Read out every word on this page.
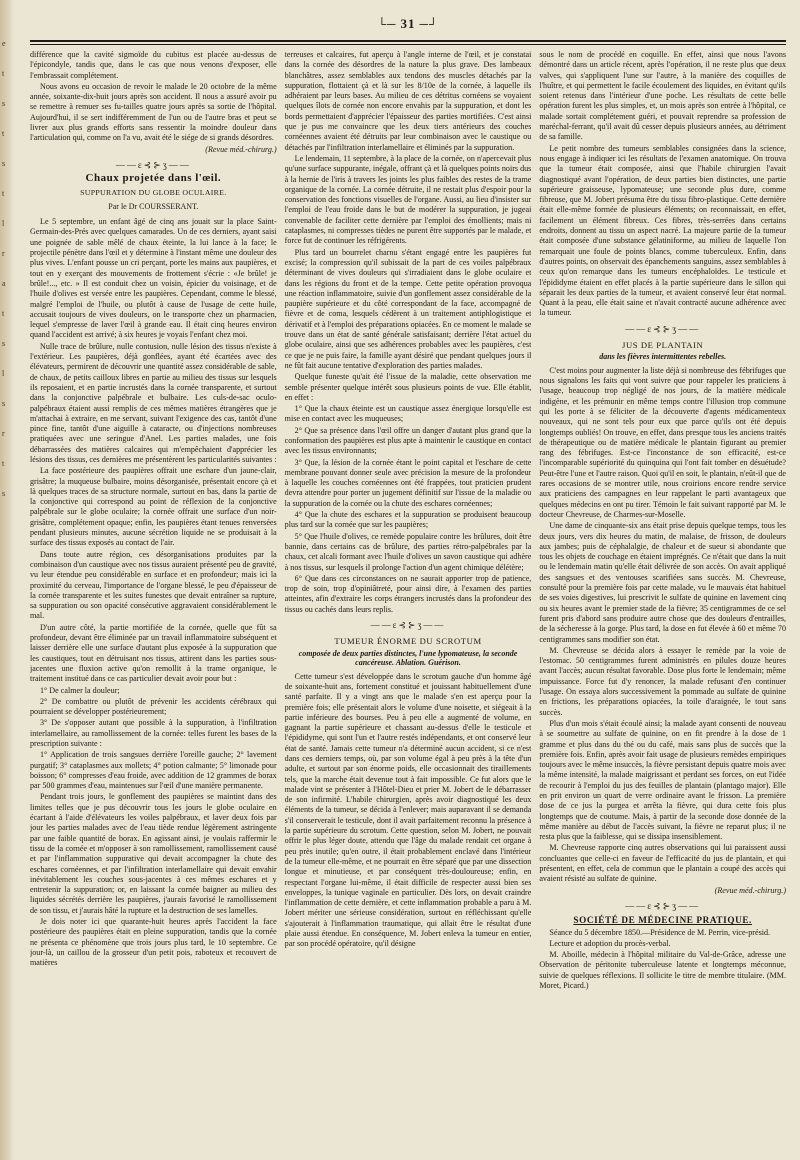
e
t
s
t
s
t
l
r
a
t
s
l
s
r
t
s
└─ 31 ─┘

différence que la cavité sigmoïde du cubitus est placée au-dessus de l'épicondyle, tandis que, dans le cas que nous venons d'exposer, elle l'embrassait complétement.

Nous avons eu occasion de revoir le malade le 20 octobre de la même année, soixante-dix-huit jours après son accident. Il nous a assuré avoir pu se remettre à remuer ses fu-tailles quatre jours après sa sortie de l'hôpital. Aujourd'hui, il se sert indifféremment de l'un ou de l'autre bras et peut se livrer aux plus grands efforts sans ressentir la moindre douleur dans l'articulation qui, comme on l'a vu, avait été le siége de si grands désordres.

(Revue méd.-chirurg.)

——ε⊰⊱ʒ——
Chaux projetée dans l'œil.
SUPPURATION DU GLOBE OCULAIRE.
Par le Dr COURSSERANT.

Le 5 septembre, un enfant âgé de cinq ans jouait sur la place Saint-Germain-des-Prés avec quelques camarades. Un de ces derniers, ayant saisi une poignée de sable mêlé de chaux éteinte, la lui lance à la face; le projectile pénètre dans l'œil et y détermine à l'instant même une douleur des plus vives. L'enfant pousse un cri perçant, porte les mains aux paupières, et tout en y exerçant des mouvements de frottement s'écrie : «Je brûle! je brûle!..., etc. » Il est conduit chez un voisin, épicier du voisinage, et de l'huile d'olives est versée entre les paupières. Cependant, comme le blessé, malgré l'emploi de l'huile, ou plutôt à cause de l'usage de cette huile, accusait toujours de vives douleurs, on le transporte chez un pharmacien, lequel s'empresse de laver l'œil à grande eau. Il était cinq heures environ quand l'accident est arrivé; à six heures je voyais l'enfant chez moi.

Nulle trace de brûlure, nulle contusion, nulle lésion des tissus n'existe à l'extérieur. Les paupières, déjà gonflées, ayant été écartées avec des élévateurs, permirent de découvrir une quantité assez considérable de sable, de chaux, de petits cailloux libres en partie au milieu des tissus sur lesquels ils reposaient, et en partie incrustés dans la cornée transparente, et surtout dans la conjonctive palpébrale et bulbaire. Les culs-de-sac oculo-palpébraux étaient aussi remplis de ces mêmes matières étrangères que je m'attachai à extraire, en me servant, suivant l'exigence des cas, tantôt d'une pince fine, tantôt d'une aiguille à cataracte, ou d'injections nombreuses pratiquées avec une seringue d'Anel. Les parties malades, une fois débarrassées des matières calcaires qui m'empêchaient d'apprécier les lésions des tissus, ces dernières me présentèrent les particularités suivantes :

La face postérieure des paupières offrait une eschare d'un jaune-clair, grisâtre; la muqueuse bulbaire, moins désorganisée, présentait encore çà et là quelques traces de sa structure normale, surtout en bas, dans la partie de la conjonctive qui correspond au point de réflexion de la conjonctive palpébrale sur le globe oculaire; la cornée offrait une surface d'un noir-grisâtre, complétement opaque; enfin, les paupières étant tenues renversées pendant plusieurs minutes, aucune sécrétion liquide ne se produisait à la surface des tissus exposés au contact de l'air.

Dans toute autre région, ces désorganisations produites par la combinaison d'un caustique avec nos tissus auraient présenté peu de gravité, vu leur étendue peu considérable en surface et en profondeur; mais ici la proximité du cerveau, l'importance de l'organe blessé, le peu d'épaisseur de la cornée transparente et les suites funestes que devait entraîner sa rupture, sa suppuration ou son opacité consécutive aggravaient considérablement le mal.

D'un autre côté, la partie mortifiée de la cornée, quelle que fût sa profondeur, devant être éliminée par un travail inflammatoire subséquent et laisser derrière elle une surface d'autant plus exposée à la suppuration que les caustiques, tout en détruisant nos tissus, attirent dans les parties sous-jacentes une fluxion active qu'on remollit à la trame organique, le traitement institué dans ce cas particulier devait avoir pour but :

1° De calmer la douleur;

2° De combattre ou plutôt de prévenir les accidents cérébraux qui pourraient se développer postérieurement;

3° De s'opposer autant que possible à la suppuration, à l'infiltration interlamellaire, au ramollissement de la cornée: telles furent les bases de la prescription suivante :

1° Application de trois sangsues derrière l'oreille gauche; 2° lavement purgatif; 3° cataplasmes aux mollets; 4° potion calmante; 5° limonade pour boisson; 6° compresses d'eau froide, avec addition de 12 grammes de borax par 500 grammes d'eau, maintenues sur l'œil d'une manière permanente.

Pendant trois jours, le gonflement des paupières se maintint dans des limites telles que je pus découvrir tous les jours le globe oculaire en écartant à l'aide d'élévateurs les voiles palpébraux, et laver deux fois par jour les parties malades avec de l'eau tiède rendue légèrement astringente par une faible quantité de borax. En agissant ainsi, je voulais raffermir le tissu de la cornée et m'opposer à son ramollissement, ramollissement causé et par l'inflammation suppurative qui devait accompagner la chute des eschares cornéennes, et par l'infiltration interlamellaire qui devait envahir inévitablement les couches sous-jacentes à ces mêmes eschares et y entretenir la suppuration; or, en laissant la cornée baigner au milieu des liquides sécrétés derrière les paupières, j'aurais favorisé le ramollissement de son tissu, et j'aurais hâté la rupture et la destruction de ses lamelles.

Je dois noter ici que quarante-huit heures après l'accident la face postérieure des paupières était en pleine suppuration, tandis que la cornée ne présenta ce phénomène que trois jours plus tard, le 10 septembre. Ce jour-là, un caillou de la grosseur d'un petit pois, raboteux et recouvert de matières

terreuses et calcaires, fut aperçu à l'angle interne de l'œil, et je constatai dans la cornée des désordres de la nature la plus grave. Des lambeaux blanchâtres, assez semblables aux tendons des muscles détachés par la suppuration, flottaient çà et là sur les 8/10e de la cornée, à laquelle ils adhéraient par leurs bases. Au milieu de ces détritus cornéens se voyaient quelques îlots de cornée non encore envahis par la suppuration, et dont les bords permettaient d'apprécier l'épaisseur des parties mortifiées. C'est ainsi que je pus me convaincre que les deux tiers antérieurs des couches cornéennes avaient été détruits par leur combinaison avec le caustique ou détachés par l'infiltration interlamellaire et éliminés par la suppuration.

Le lendemain, 11 septembre, à la place de la cornée, on n'apercevait plus qu'une surface suppurante, inégale, offrant çà et là quelques points noirs dus à la hernie de l'iris à travers les joints les plus faibles des restes de la trame organique de la cornée. La cornée détruite, il ne restait plus d'espoir pour la conservation des fonctions visuelles de l'organe. Aussi, au lieu d'insister sur l'emploi de l'eau froide dans le but de modérer la suppuration, je jugeai convenable de faciliter cette dernière par l'emploi des émollients; mais ni cataplasmes, ni compresses tièdes ne purent être supportés par le malade, et force fut de continuer les réfrigérents.

Plus tard un bourrelet charnu s'étant engagé entre les paupières fut excisé; la compression qu'il subissait de la part de ces voiles palpébraux déterminant de vives douleurs qui s'irradiaient dans le globe oculaire et dans les régions du front et de la tempe. Cette petite opération provoqua une réaction inflammatoire, suivie d'un gonflement assez considérable de la paupière supérieure et du côté correspondant de la face, accompagné de fièvre et de coma, lesquels cédèrent à un traitement antiphlogistique et dérivatif et à l'emploi des préparations opiacées. En ce moment le malade se trouve dans un état de santé générale satisfaisant; derrière l'état actuel du globe oculaire, ainsi que ses adhérences probables avec les paupières, c'est ce que je ne puis faire, la famille ayant désiré que pendant quelques jours il ne fût fait aucune tentative d'exploration des parties malades.

Quelque funeste qu'ait été l'issue de la maladie, cette observation me semble présenter quelque intérêt sous plusieurs points de vue. Elle établit, en effet :

1° Que la chaux éteinte est un caustique assez énergique lorsqu'elle est mise en contact avec les muqueuses;

2° Que sa présence dans l'œil offre un danger d'autant plus grand que la conformation des paupières est plus apte à maintenir le caustique en contact avec les tissus environnants;

3° Que, la lésion de la cornée étant le point capital et l'eschare de cette membrane pouvant donner seule avec précision la mesure de la profondeur à laquelle les couches cornéennes ont été frappées, tout praticien prudent devra attendre pour porter un jugement définitif sur l'issue de la maladie ou la suppuration de la cornée ou la chute des eschares cornéennes;

4° Que la chute des eschares et la suppuration se produisent beaucoup plus tard sur la cornée que sur les paupières;

5° Que l'huile d'olives, ce remède populaire contre les brûlures, doit être bannie, dans certains cas de brûlure, des parties rétro-palpébrales par la chaux, cet alcali formant avec l'huile d'olives un savon caustique qui adhère à nos tissus, sur lesquels il prolonge l'action d'un agent chimique délétère;

6° Que dans ces circonstances on ne saurait apporter trop de patience, trop de soin, trop d'opiniâtreté, pour ainsi dire, à l'examen des parties atteintes, afin d'extraire les corps étrangers incrustés dans la profondeur des tissus ou cachés dans leurs replis.

——ε⊰⊱ʒ——
TUMEUR ÉNORME DU SCROTUM
composée de deux parties distinctes, l'une lypomateuse, la seconde cancéreuse. Ablation. Guérison.

Cette tumeur s'est développée dans le scrotum gauche d'un homme âgé de soixante-huit ans, fortement constitué et jouissant habituellement d'une santé parfaite. Il y a vingt ans que le malade s'en est aperçu pour la première fois; elle présentait alors le volume d'une noisette, et siégeait à la partie inférieure des bourses. Peu à peu elle a augmenté de volume, en gagnant la partie supérieure et chassant au-dessus d'elle le testicule et l'épididyme, qui sont l'un et l'autre restés indépendants, et ont conservé leur état de santé. Jamais cette tumeur n'a déterminé aucun accident, si ce n'est dans ces derniers temps, où, par son volume égal à peu près à la tête d'un adulte, et surtout par son énorme poids, elle occasionnait des tiraillements tels, que la marche était devenue tout à fait impossible. Ce fut alors que le malade vint se présenter à l'Hôtel-Dieu et prier M. Jobert de le débarrasser de son infirmité. L'habile chirurgien, après avoir diagnostiqué les deux éléments de la tumeur, se décida à l'enlever; mais auparavant il se demanda s'il conserverait le testicule, dont il avait parfaitement reconnu la présence à la partie supérieure du scrotum. Cette question, selon M. Jobert, ne pouvait offrir le plus léger doute, attendu que l'âge du malade rendait cet organe à peu près inutile; qu'en outre, il était probablement enclavé dans l'intérieur de la tumeur elle-même, et ne pourrait en être séparé que par une dissection longue et minutieuse, et par conséquent très-douloureuse; enfin, en respectant l'organe lui-même, il était difficile de respecter aussi bien ses enveloppes, la tunique vaginale en particulier. Dès lors, on devait craindre l'inflammation de cette dernière, et cette inflammation probable a paru à M. Jobert mériter une sérieuse considération, surtout en réfléchissant qu'elle s'ajouterait à l'inflammation traumatique, qui allait être le résultat d'une plaie aussi étendue. En conséquence, M. Jobert enleva la tumeur en entier, par son procédé opératoire, qu'il désigne

sous le nom de procédé en coquille. En effet, ainsi que nous l'avons démontré dans un article récent, après l'opération, il ne reste plus que deux valves, qui s'appliquent l'une sur l'autre, à la manière des coquilles de l'huître, et qui permettent le facile écoulement des liquides, en évitant qu'ils soient retenus dans l'intérieur d'une poche. Les résultats de cette belle opération furent les plus simples, et, un mois après son entrée à l'hôpital, ce malade sortait complétement guéri, et pouvait reprendre sa profession de maréchal-ferrant, qu'il avait dû cesser depuis plusieurs années, au détriment de sa famille.

Le petit nombre des tumeurs semblables consignées dans la science, nous engage à indiquer ici les résultats de l'examen anatomique. On trouva que la tumeur était composée, ainsi que l'habile chirurgien l'avait diagnostiqué avant l'opération, de deux parties bien distinctes, une partie supérieure graisseuse, lypomateuse; une seconde plus dure, comme fibreuse, que M. Jobert présuma être du tissu fibro-plastique. Cette dernière était elle-même formée de plusieurs éléments; on reconnaissait, en effet, facilement un élément fibreux. Ces fibres, très-serrées dans certains endroits, donnent au tissu un aspect nacré. La majeure partie de la tumeur était composée d'une substance gélatiniforme, au milieu de laquelle l'on remarquait une foule de points blancs, comme tuberculeux. Enfin, dans d'autres points, on observait des épanchements sanguins, assez semblables à ceux qu'on remarque dans les tumeurs encéphaloïdes. Le testicule et l'épididyme étaient en effet placés à la partie supérieure dans le sillon qui séparait les deux parties de la tumeur, et avaient conservé leur état normal. Quant à la peau, elle était saine et n'avait contracté aucune adhérence avec la tumeur.

——ε⊰⊱ʒ——
JUS DE PLANTAIN
dans les fièvres intermittentes rebelles.

C'est moins pour augmenter la liste déjà si nombreuse des fébrifuges que nous signalons les faits qui vont suivre que pour rappeler les praticiens à l'usage, beaucoup trop négligé de nos jours, de la matière médicale indigène, et les prémunir en même temps contre l'illusion trop commune qui les porte à se féliciter de la découverte d'agents médicamenteux nouveaux, qui ne sont tels pour eux que parce qu'ils ont été depuis longtemps oubliés! On trouve, en effet, dans presque tous les anciens traités de thérapeutique ou de matière médicale le plantain figurant au premier rang des fébrifuges. Est-ce l'inconstance de son efficacité, est-ce l'incomparable supériorité du quinquina qui l'ont fait tomber en désuétude? Peut-être l'une et l'autre raison. Quoi qu'il en soit, le plantain, n'eût-il que de rares occasions de se montrer utile, nous croirions encore rendre service aux praticiens des campagnes en leur rappelant le parti avantageux que quelques médecins en ont pu tirer. Témoin le fait suivant rapporté par M. le docteur Chevreuse, de Charmes-sur-Moselle.

Une dame de cinquante-six ans était prise depuis quelque temps, tous les deux jours, vers dix heures du matin, de malaise, de frisson, de douleurs aux jambes; puis de céphalalgie, de chaleur et de sueur si abondante que tous les objets de couchage en étaient imprégnés. Ce n'était que dans la nuit ou le lendemain matin qu'elle était délivrée de son accès. On avait appliqué des sangsues et des ventouses scarifiées sans succès. M. Chevreuse, consulté pour la première fois par cette malade, vu le mauvais état habituel de ses voies digestives, lui prescrivit le sulfate de quinine en lavement cinq ou six heures avant le premier stade de la fièvre; 35 centigrammes de ce sel furent pris d'abord sans produire autre chose que des douleurs d'entrailles, de la sécheresse à la gorge. Plus tard, la dose en fut élevée à 60 et même 70 centigrammes sans modifier son état.

M. Chevreuse se décida alors à essayer le remède par la voie de l'estomac. 50 centigrammes furent administrés en pilules douze heures avant l'accès; aucun résultat favorable. Dose plus forte le lendemain; même impuissance. Force fut d'y renoncer, la malade refusant d'en continuer l'usage. On essaya alors successivement la pommade au sulfate de quinine en frictions, les préparations opiacées, la toile d'araignée, le tout sans succès.

Plus d'un mois s'était écoulé ainsi; la malade ayant consenti de nouveau à se soumettre au sulfate de quinine, on en fit prendre à la dose de 1 gramme et plus dans du thé ou du café, mais sans plus de succès que la première fois. Enfin, après avoir fait usage de plusieurs remèdes empiriques toujours avec le même insuccès, la fièvre persistant depuis quatre mois avec la même intensité, la malade maigrissant et perdant ses forces, on eut l'idée de recourir à l'emploi du jus des feuilles de plantain (plantago major). Elle en prit environ un quart de verre ordinaire avant le frisson. La première dose de ce jus la purgea et arrêta la fièvre, qui dura cette fois plus longtemps que de coutume. Mais, à partir de la seconde dose donnée de la même manière au début de l'accès suivant, la fièvre ne reparut plus; il ne resta plus que la faiblesse, qui se dissipa insensiblement.

M. Chevreuse rapporte cinq autres observations qui lui paraissent aussi concluantes que celle-ci en faveur de l'efficacité du jus de plantain, et qui présentent, en effet, cela de commun que le plantain a coupé des accès qui avaient résisté au sulfate de quinine.

(Revue méd.-chirurg.)

——ε⊰⊱ʒ——
SOCIÉTÉ DE MÉDECINE PRATIQUE.

Séance du 5 décembre 1850.—Présidence de M. Perrin, vice-présid.

Lecture et adoption du procès-verbal.

M. Aboille, médecin à l'hôpital militaire du Val-de-Grâce, adresse une Observation de péritonite tuberculeuse latente et longtemps méconnue, suivie de quelques réflexions. Il sollicite le titre de membre titulaire. (MM. Moret, Picard.)
